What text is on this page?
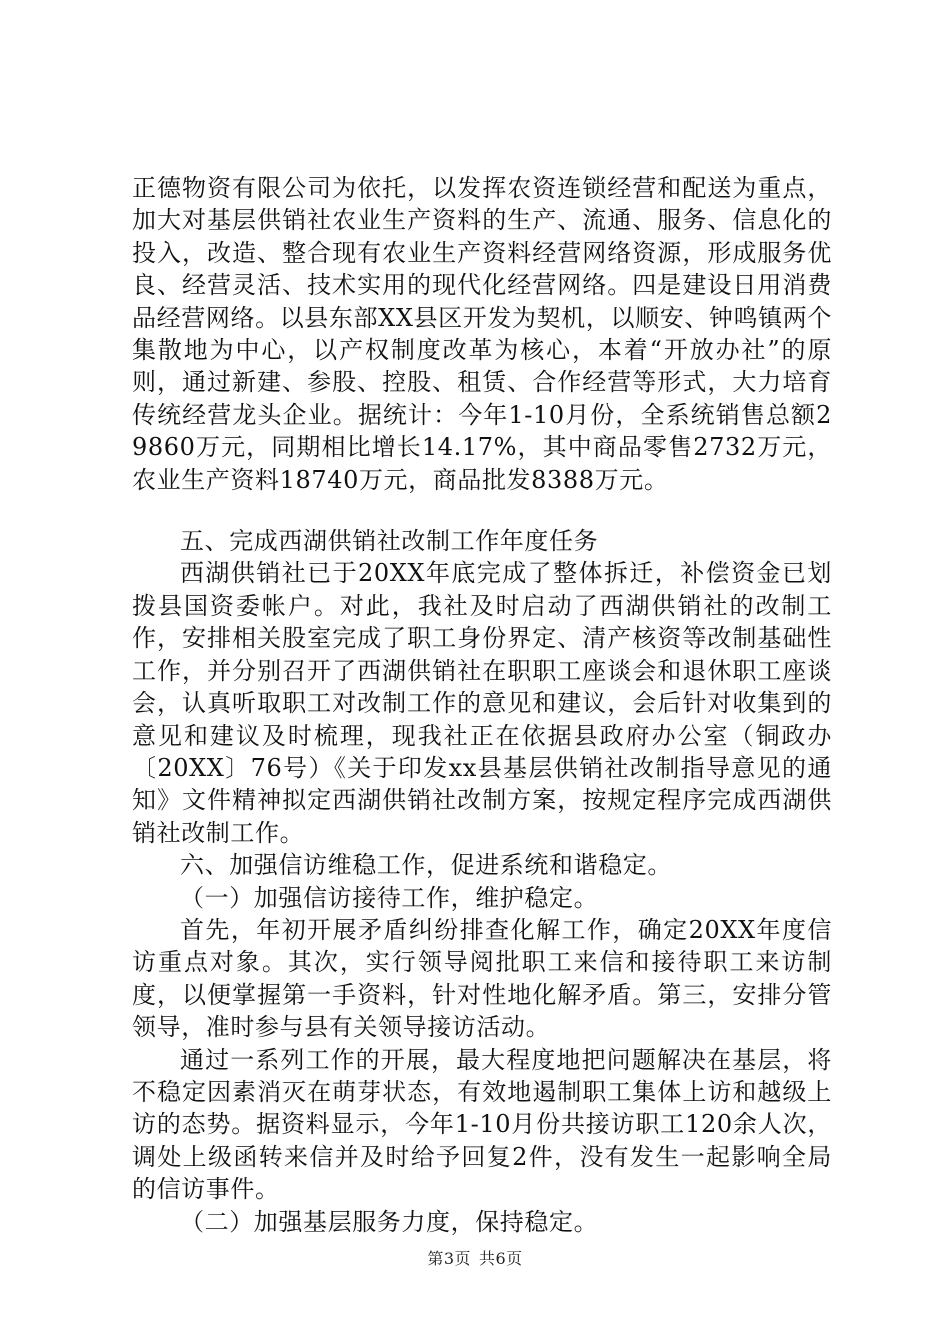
正德物资有限公司为依托，以发挥农资连锁经营和配送为重点，加大对基层供销社农业生产资料的生产、流通、服务、信息化的投入，改造、整合现有农业生产资料经营网络资源，形成服务优良、经营灵活、技术实用的现代化经营网络。四是建设日用消费品经营网络。以县东部XX县区开发为契机，以顺安、钟鸣镇两个集散地为中心，以产权制度改革为核心，本着“开放办社”的原则，通过新建、参股、控股、租赁、合作经营等形式，大力培育传统经营龙头企业。据统计：今年1-10月份，全系统销售总额29860万元，同期相比增长14.17%，其中商品零售2732万元，农业生产资料18740万元，商品批发8388万元。

五、完成西湖供销社改制工作年度任务

西湖供销社已于20XX年底完成了整体拆迁，补偿资金已划拨县国资委帐户。对此，我社及时启动了西湖供销社的改制工作，安排相关股室完成了职工身份界定、清产核资等改制基础性工作，并分别召开了西湖供销社在职职工座谈会和退休职工座谈会，认真听取职工对改制工作的意见和建议，会后针对收集到的意见和建议及时梳理，现我社正在依据县政府办公室（铜政办〔20XX〕76号）《关于印发xx县基层供销社改制指导意见的通知》文件精神拟定西湖供销社改制方案，按规定程序完成西湖供销社改制工作。

六、加强信访维稳工作，促进系统和谐稳定。

（一）加强信访接待工作，维护稳定。

首先，年初开展矛盾纠纷排查化解工作，确定20XX年度信访重点对象。其次，实行领导阅批职工来信和接待职工来访制度，以便掌握第一手资料，针对性地化解矛盾。第三，安排分管领导，准时参与县有关领导接访活动。

通过一系列工作的开展，最大程度地把问题解决在基层，将不稳定因素消灭在萌芽状态，有效地遏制职工集体上访和越级上访的态势。据资料显示，今年1-10月份共接访职工120余人次，调处上级函转来信并及时给予回复2件，没有发生一起影响全局的信访事件。

（二）加强基层服务力度，保持稳定。

第3页 共6页
